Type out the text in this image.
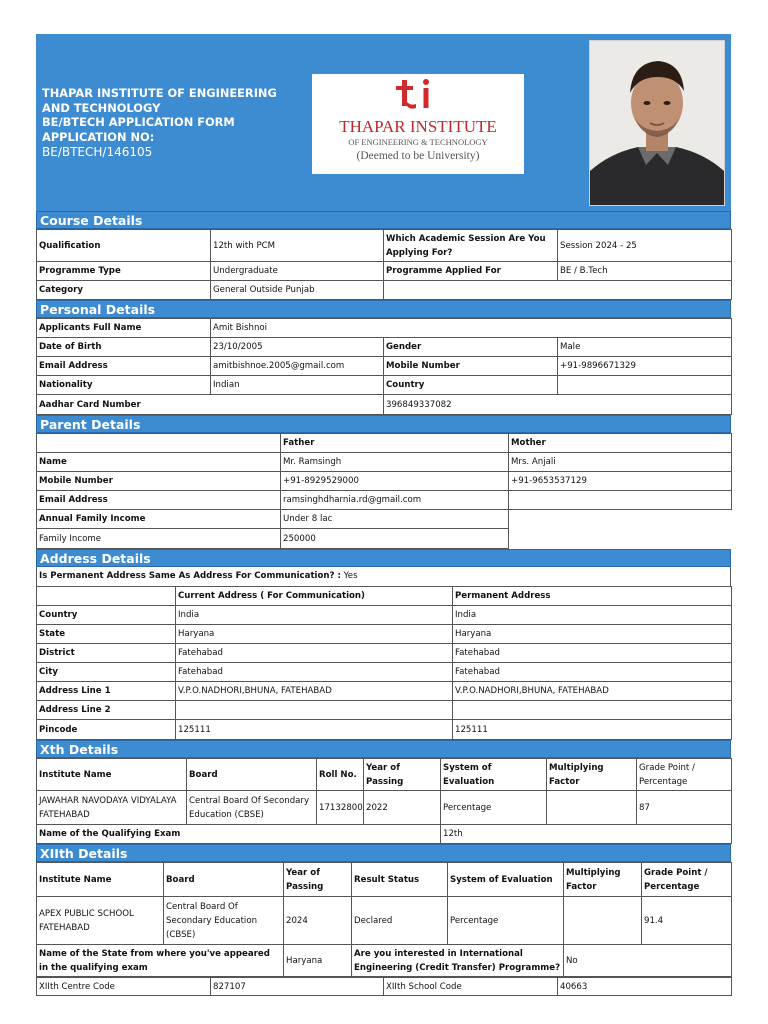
THAPAR INSTITUTE OF ENGINEERING
AND TECHNOLOGY
BE/BTECH APPLICATION FORM
APPLICATION NO:
BE/BTECH/146105
THAPAR INSTITUTE
OF ENGINEERING & TECHNOLOGY
(Deemed to be University)
Course Details
Qualification	12th with PCM	Which Academic Session Are You Applying For?	Session 2024 - 25
Programme Type	Undergraduate	Programme Applied For	BE / B.Tech
Category	General Outside Punjab		
Personal Details
Applicants Full Name	Amit Bishnoi		
Date of Birth	23/10/2005	Gender	Male
Email Address	amitbishnoe.2005@gmail.com	Mobile Number	+91-9896671329
Nationality	Indian	Country	
Aadhar Card Number		396849337082	
Parent Details
	Father	Mother
Name	Mr. Ramsingh	Mrs. Anjali
Mobile Number	+91-8929529000	+91-9653537129
Email Address	ramsinghdharnia.rd@gmail.com	
Annual Family Income	Under 8 lac	
Family Income	250000	
Address Details
Is Permanent Address Same As Address For Communication? : Yes
	Current Address ( For Communication)	Permanent Address
Country	India	India
State	Haryana	Haryana
District	Fatehabad	Fatehabad
City	Fatehabad	Fatehabad
Address Line 1	V.P.O.NADHORI,BHUNA, FATEHABAD	V.P.O.NADHORI,BHUNA, FATEHABAD
Address Line 2		
Pincode	125111	125111
Xth Details
Institute Name	Board	Roll No.	Year of Passing	System of Evaluation	Multiplying Factor	Grade Point / Percentage
JAWAHAR NAVODAYA VIDYALAYA FATEHABAD	Central Board Of Secondary Education (CBSE)	17132800	2022	Percentage		87
Name of the Qualifying Exam				12th		
XIIth Details
Institute Name	Board	Year of Passing	Result Status	System of Evaluation	Multiplying Factor	Grade Point / Percentage
APEX PUBLIC SCHOOL FATEHABAD	Central Board Of Secondary Education (CBSE)	2024	Declared	Percentage		91.4
Name of the State from where you've appeared in the qualifying exam		Haryana	Are you interested in International Engineering (Credit Transfer) Programme?		No	
XIIth Centre Code	827107	XIIth School Code	40663
